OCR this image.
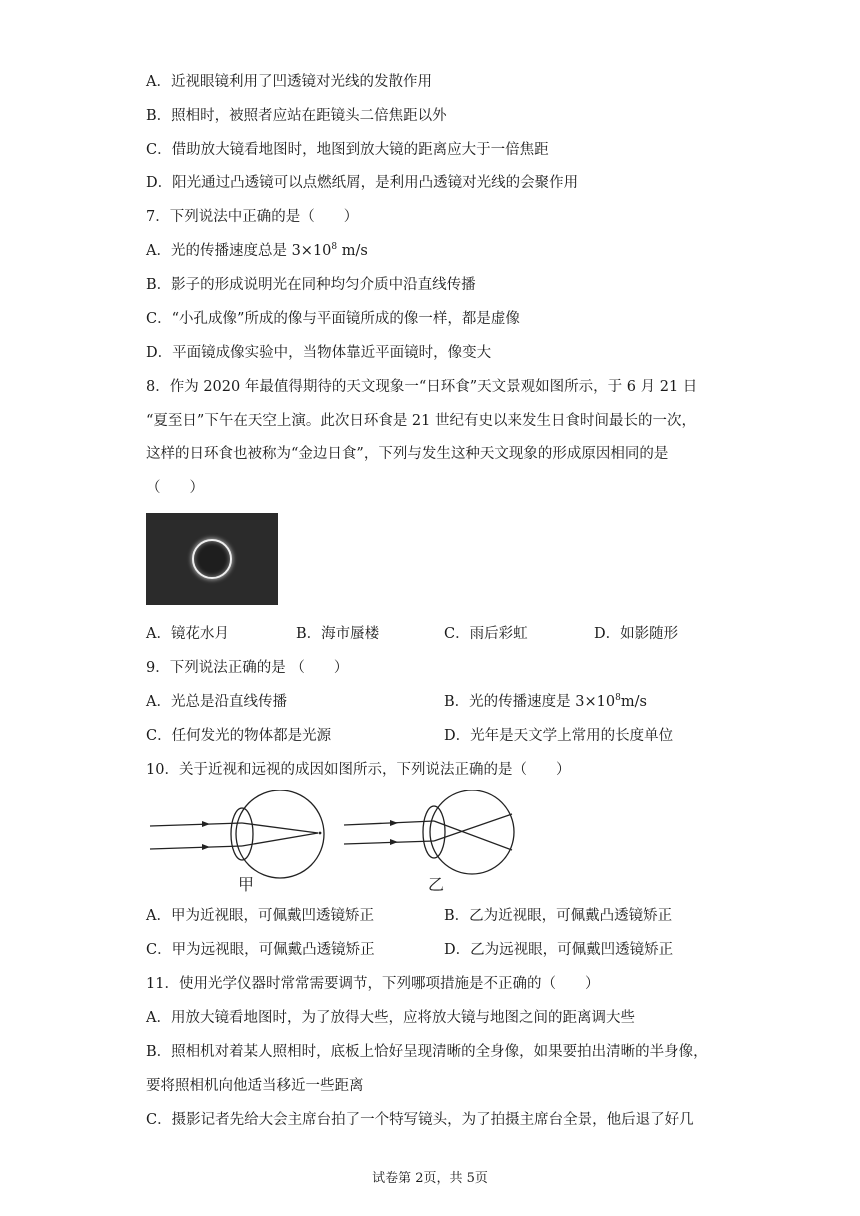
A．近视眼镜利用了凹透镜对光线的发散作用
B．照相时，被照者应站在距镜头二倍焦距以外
C．借助放大镜看地图时，地图到放大镜的距离应大于一倍焦距
D．阳光通过凸透镜可以点燃纸屑，是利用凸透镜对光线的会聚作用
7．下列说法中正确的是（　　）
A．光的传播速度总是 $3\times 10^8$ m/s
B．影子的形成说明光在同种均匀介质中沿直线传播
C．“小孔成像”所成的像与平面镜所成的像一样，都是虚像
D．平面镜成像实验中，当物体靠近平面镜时，像变大
8．作为 2020 年最值得期待的天文现象一“日环食”天文景观如图所示，于 6 月 21 日
“夏至日”下午在天空上演。此次日环食是 21 世纪有史以来发生日食时间最长的一次，
这样的日环食也被称为“金边日食”，下列与发生这种天文现象的形成原因相同的是
（　　）
A．镜花水月	B．海市蜃楼	C．雨后彩虹	D．如影随形
9．下列说法正确的是 （　　）
A．光总是沿直线传播	B．光的传播速度是 $3\times 10^8m/s$
C．任何发光的物体都是光源	D．光年是天文学上常用的长度单位
10．关于近视和远视的成因如图所示，下列说法正确的是（　　）
甲	乙
A．甲为近视眼，可佩戴凹透镜矫正	B．乙为近视眼，可佩戴凸透镜矫正
C．甲为远视眼，可佩戴凸透镜矫正	D．乙为远视眼，可佩戴凹透镜矫正
11．使用光学仪器时常常需要调节，下列哪项措施是不正确的（　　）
A．用放大镜看地图时，为了放得大些，应将放大镜与地图之间的距离调大些
B．照相机对着某人照相时，底板上恰好呈现清晰的全身像，如果要拍出清晰的半身像，
要将照相机向他适当移近一些距离
C．摄影记者先给大会主席台拍了一个特写镜头，为了拍摄主席台全景，他后退了好几
试卷第 2页，共 5页
